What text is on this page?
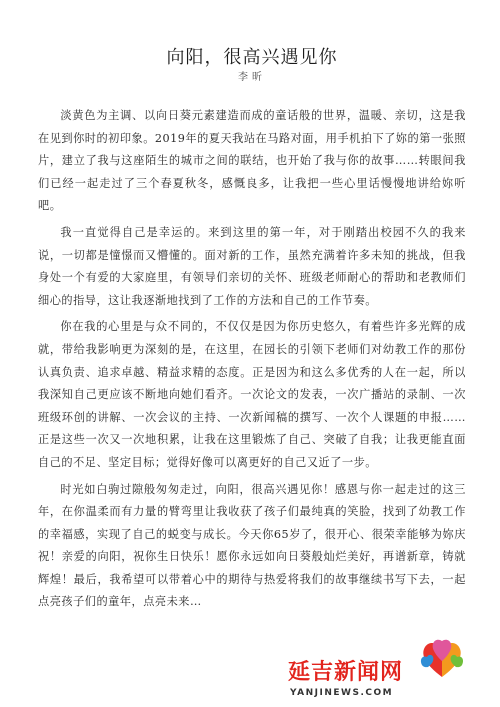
向阳，很高兴遇见你
李昕

淡黄色为主调、以向日葵元素建造而成的童话般的世界，温暖、亲切，这是我在见到你时的初印象。2019年的夏天我站在马路对面，用手机拍下了妳的第一张照片，建立了我与这座陌生的城市之间的联结，也开始了我与你的故事……转眼间我们已经一起走过了三个春夏秋冬，感慨良多，让我把一些心里话慢慢地讲给妳听吧。

我一直觉得自己是幸运的。来到这里的第一年，对于刚踏出校园不久的我来说，一切都是憧憬而又懵懂的。面对新的工作，虽然充满着许多未知的挑战，但我身处一个有爱的大家庭里，有领导们亲切的关怀、班级老师耐心的帮助和老教师们细心的指导，这让我逐渐地找到了工作的方法和自己的工作节奏。

你在我的心里是与众不同的，不仅仅是因为你历史悠久，有着些许多光辉的成就，带给我影响更为深刻的是，在这里，在园长的引领下老师们对幼教工作的那份认真负责、追求卓越、精益求精的态度。正是因为和这么多优秀的人在一起，所以我深知自己更应该不断地向她们看齐。一次论文的发表，一次广播站的录制、一次班级环创的讲解、一次会议的主持、一次新闻稿的撰写、一次个人课题的申报……正是这些一次又一次地积累，让我在这里锻炼了自己、突破了自我；让我更能直面自己的不足、坚定目标；觉得好像可以离更好的自己又近了一步。

时光如白驹过隙般匆匆走过，向阳，很高兴遇见你！感恩与你一起走过的这三年，在你温柔而有力量的臂弯里让我收获了孩子们最纯真的笑脸，找到了幼教工作的幸福感，实现了自己的蜕变与成长。今天你65岁了，很开心、很荣幸能够为妳庆祝！亲爱的向阳，祝你生日快乐！愿你永远如向日葵般灿烂美好，再谱新章，铸就辉煌！最后，我希望可以带着心中的期待与热爱将我们的故事继续书写下去，一起点亮孩子们的童年，点亮未来…

延吉新闻网
YANJINEWS.COM
